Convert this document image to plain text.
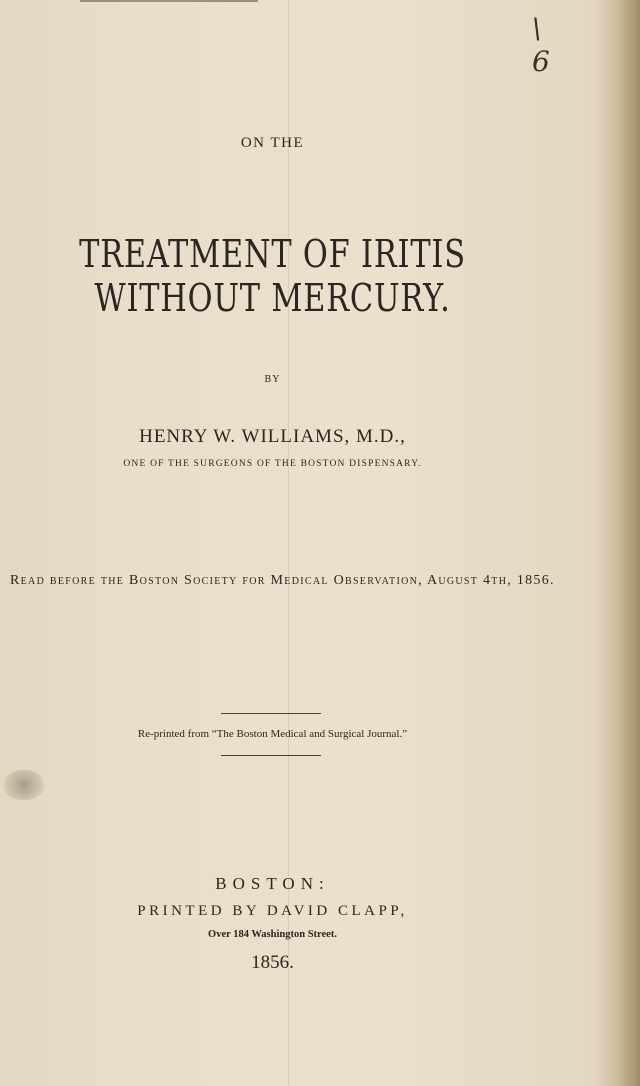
\ 6
ON THE
TREATMENT OF IRITIS WITHOUT MERCURY.
BY
HENRY W. WILLIAMS, M.D.,
ONE OF THE SURGEONS OF THE BOSTON DISPENSARY.
Read before the Boston Society for Medical Observation, August 4th, 1856.
Re-printed from “The Boston Medical and Surgical Journal.”
BOSTON:
PRINTED BY DAVID CLAPP,
Over 184 Washington Street.
1856.
